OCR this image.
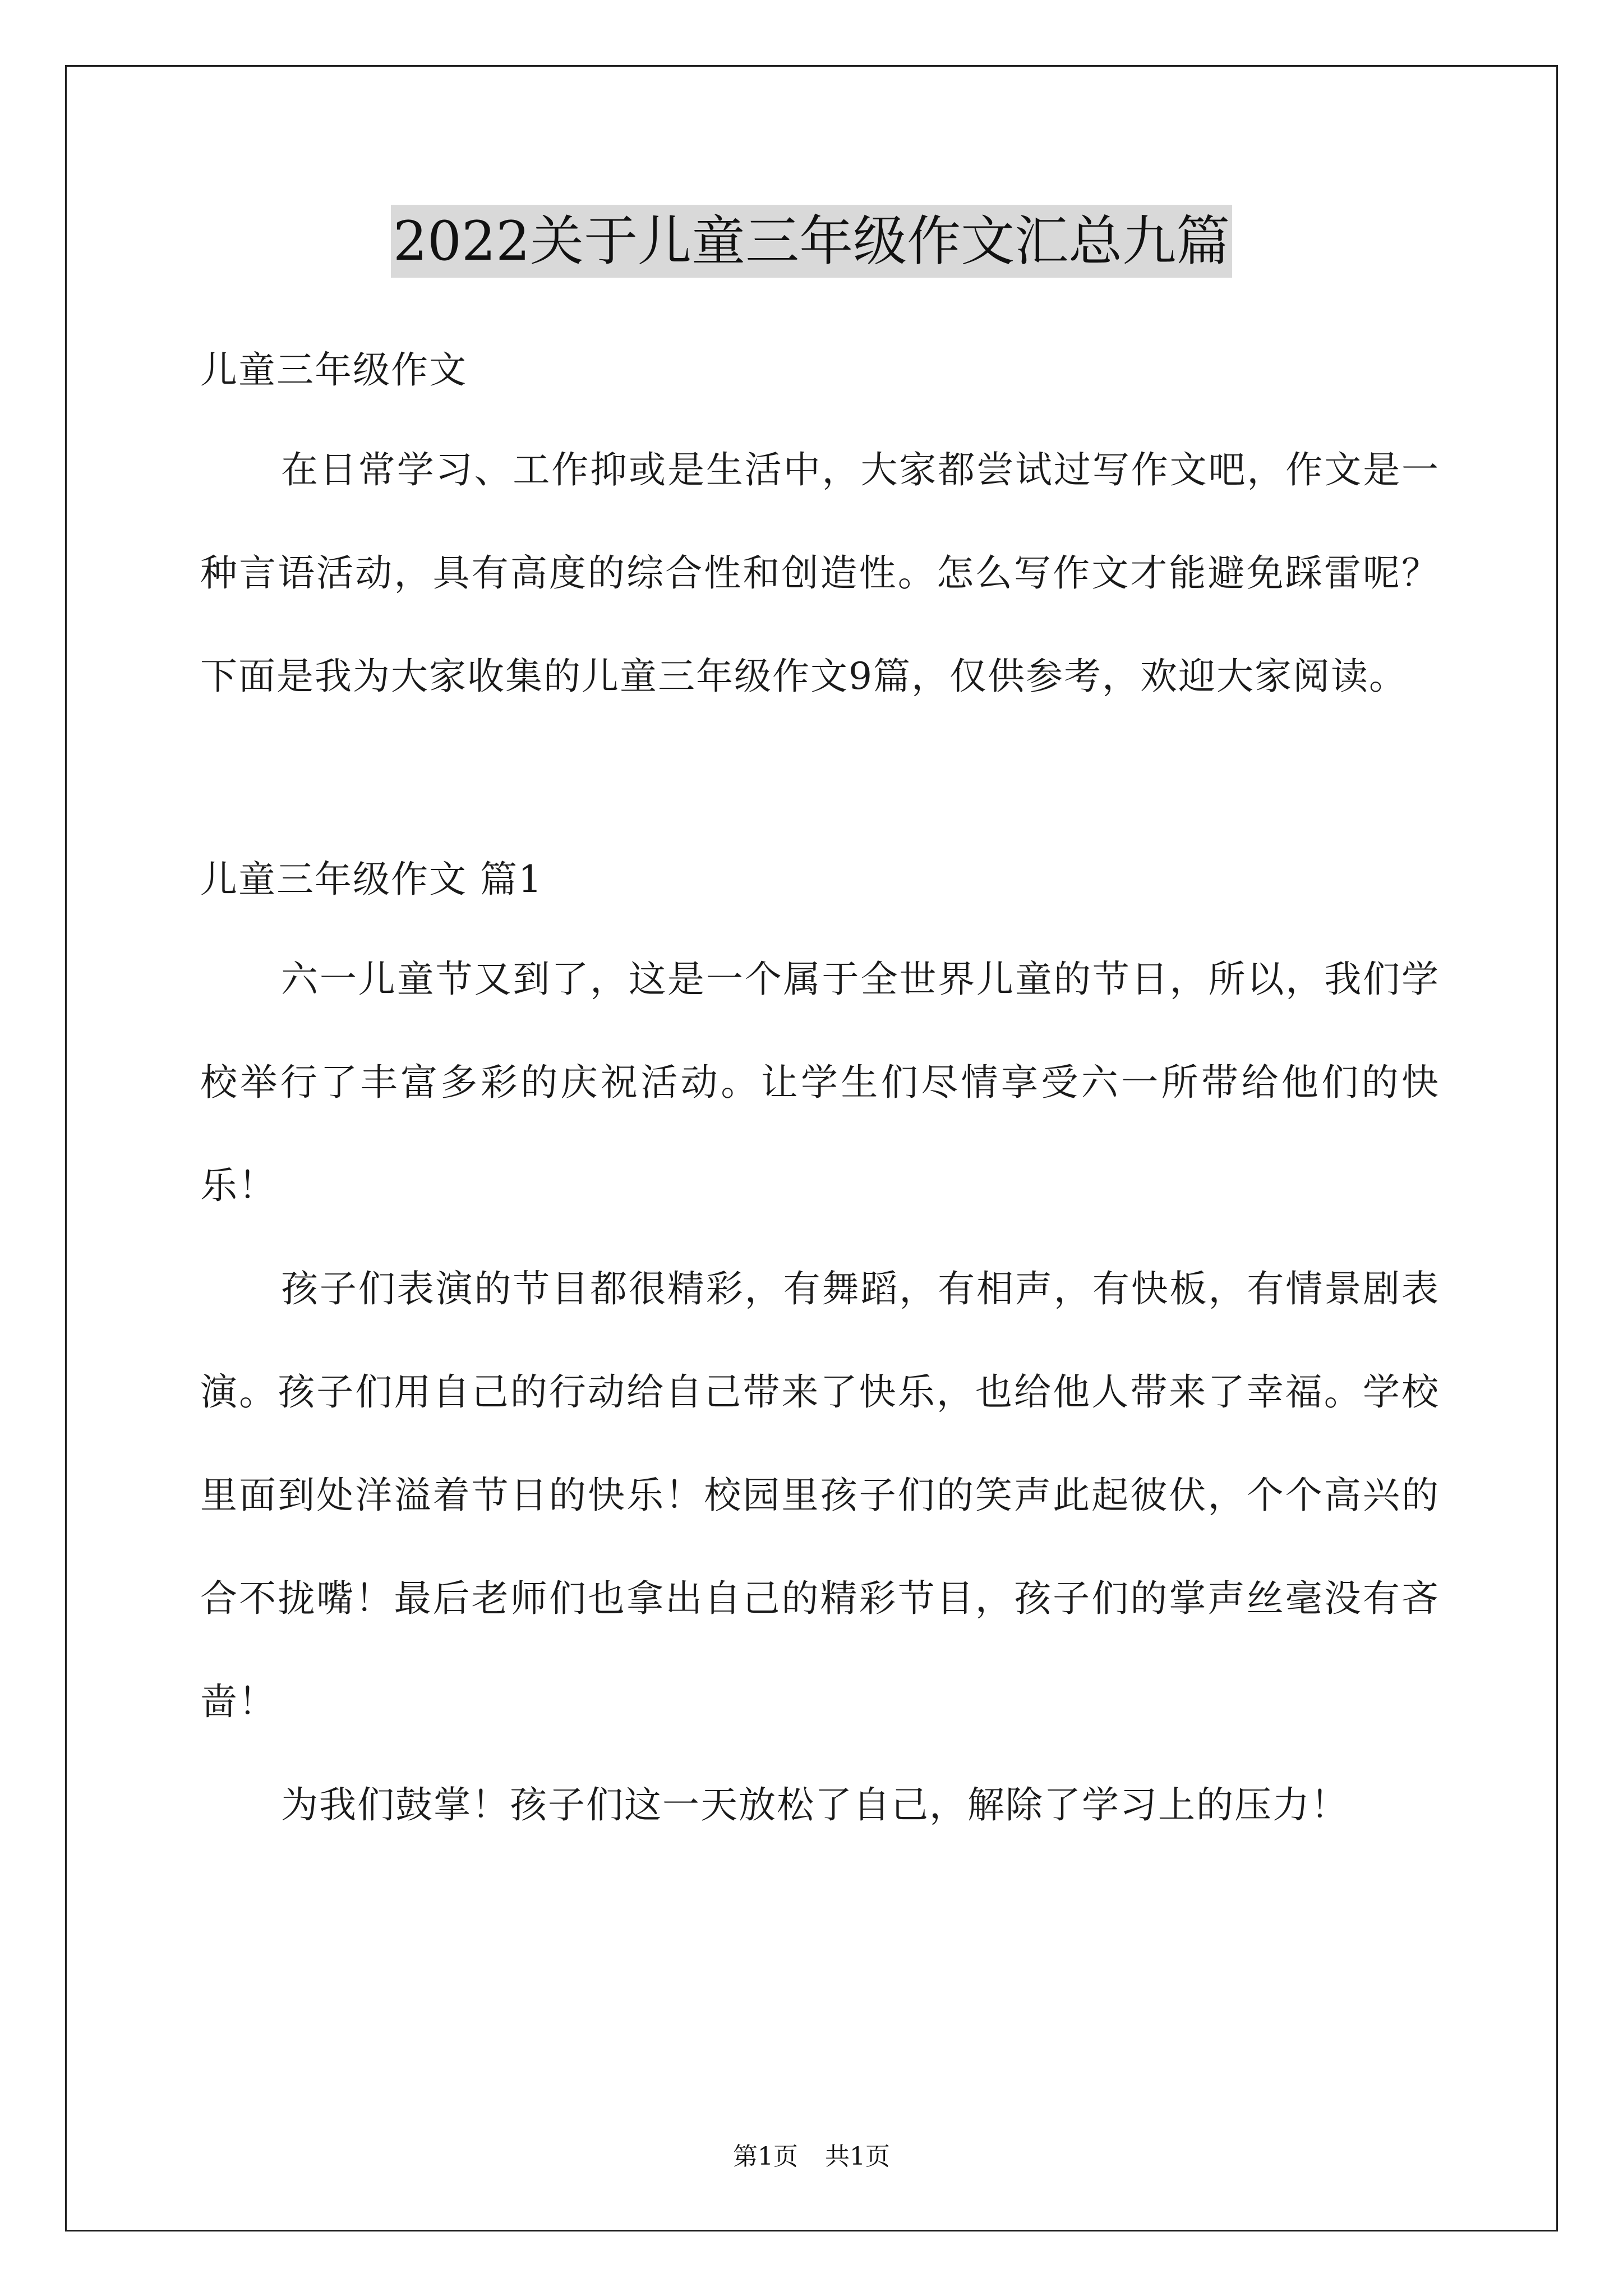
2022关于儿童三年级作文汇总九篇

儿童三年级作文

在日常学习、工作抑或是生活中，大家都尝试过写作文吧，作文是一种言语活动，具有高度的综合性和创造性。怎么写作文才能避免踩雷呢？下面是我为大家收集的儿童三年级作文9篇，仅供参考，欢迎大家阅读。

儿童三年级作文 篇1

六一儿童节又到了，这是一个属于全世界儿童的节日，所以，我们学校举行了丰富多彩的庆祝活动。让学生们尽情享受六一所带给他们的快乐！

孩子们表演的节目都很精彩，有舞蹈，有相声，有快板，有情景剧表演。孩子们用自己的行动给自己带来了快乐，也给他人带来了幸福。学校里面到处洋溢着节日的快乐！校园里孩子们的笑声此起彼伏，个个高兴的合不拢嘴！最后老师们也拿出自己的精彩节目，孩子们的掌声丝毫没有吝啬！

为我们鼓掌！孩子们这一天放松了自己，解除了学习上的压力！

第1页 共1页
